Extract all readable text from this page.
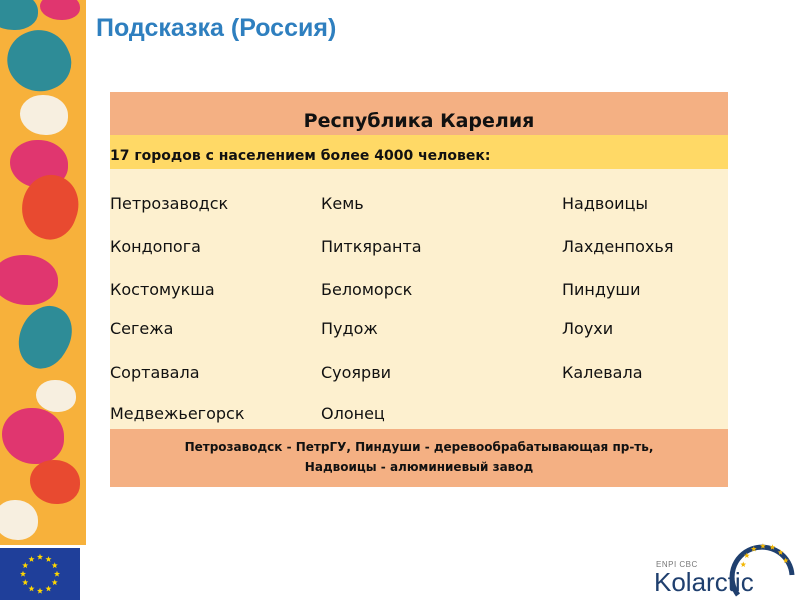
Подсказка (Россия)
Республика Карелия
17 городов с населением более 4000 человек:
Петрозаводск	Кемь	Надвоицы
Кондопога	Питкяранта	Лахденпохья
Костомукша	Беломорск	Пиндуши
Сегежа	Пудож	Лоухи
Сортавала	Суоярви	Калевала
Медвежьегорск	Олонец
Петрозаводск - ПетрГУ, Пиндуши - деревообрабатывающая пр-ть,
Надвоицы - алюминиевый завод
ENPI CBC
Kolarctic
